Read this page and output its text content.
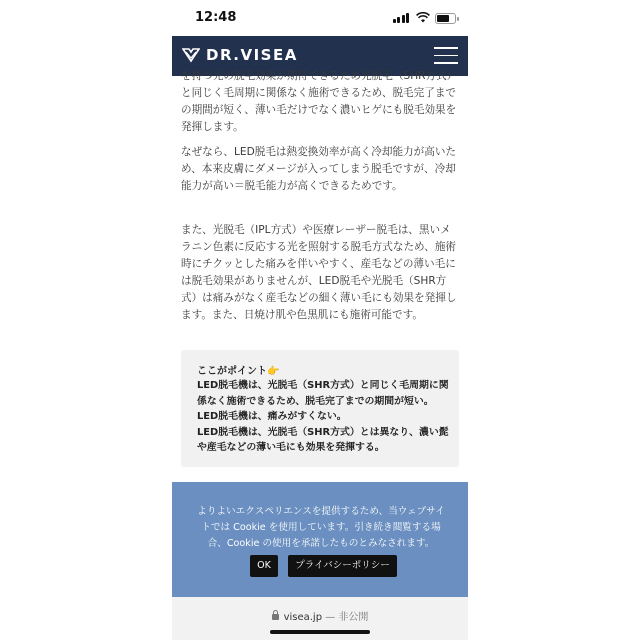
12:48
DR.VISEA

を持つ光の脱毛効果が期待できるため光脱毛（SHR方式）と同じく毛周期に関係なく施術できるため、脱毛完了までの期間が短く、薄い毛だけでなく濃いヒゲにも脱毛効果を発揮します。

なぜなら、LED脱毛は熱変換効率が高く冷却能力が高いため、本来皮膚にダメージが入ってしまう脱毛ですが、冷却能力が高い＝脱毛能力が高くできるためです。

また、光脱毛（IPL方式）や医療レーザー脱毛は、黒いメラニン色素に反応する光を照射する脱毛方式なため、施術時にチクッとした痛みを伴いやすく、産毛などの薄い毛には脱毛効果がありませんが、LED脱毛や光脱毛（SHR方式）は痛みがなく産毛などの細く薄い毛にも効果を発揮します。また、日焼け肌や色黒肌にも施術可能です。

ここがポイント👉

LED脱毛機は、光脱毛（SHR方式）と同じく毛周期に関係なく施術できるため、脱毛完了までの期間が短い。
LED脱毛機は、痛みがすくない。
LED脱毛機は、光脱毛（SHR方式）とは異なり、濃い髭や産毛などの薄い毛にも効果を発揮する。

よりよいエクスペリエンスを提供するため、当ウェブサイトでは Cookie を使用しています。引き続き閲覧する場合、Cookie の使用を承諾したものとみなされます。

OK	プライバシーポリシー
visea.jp — 非公開
